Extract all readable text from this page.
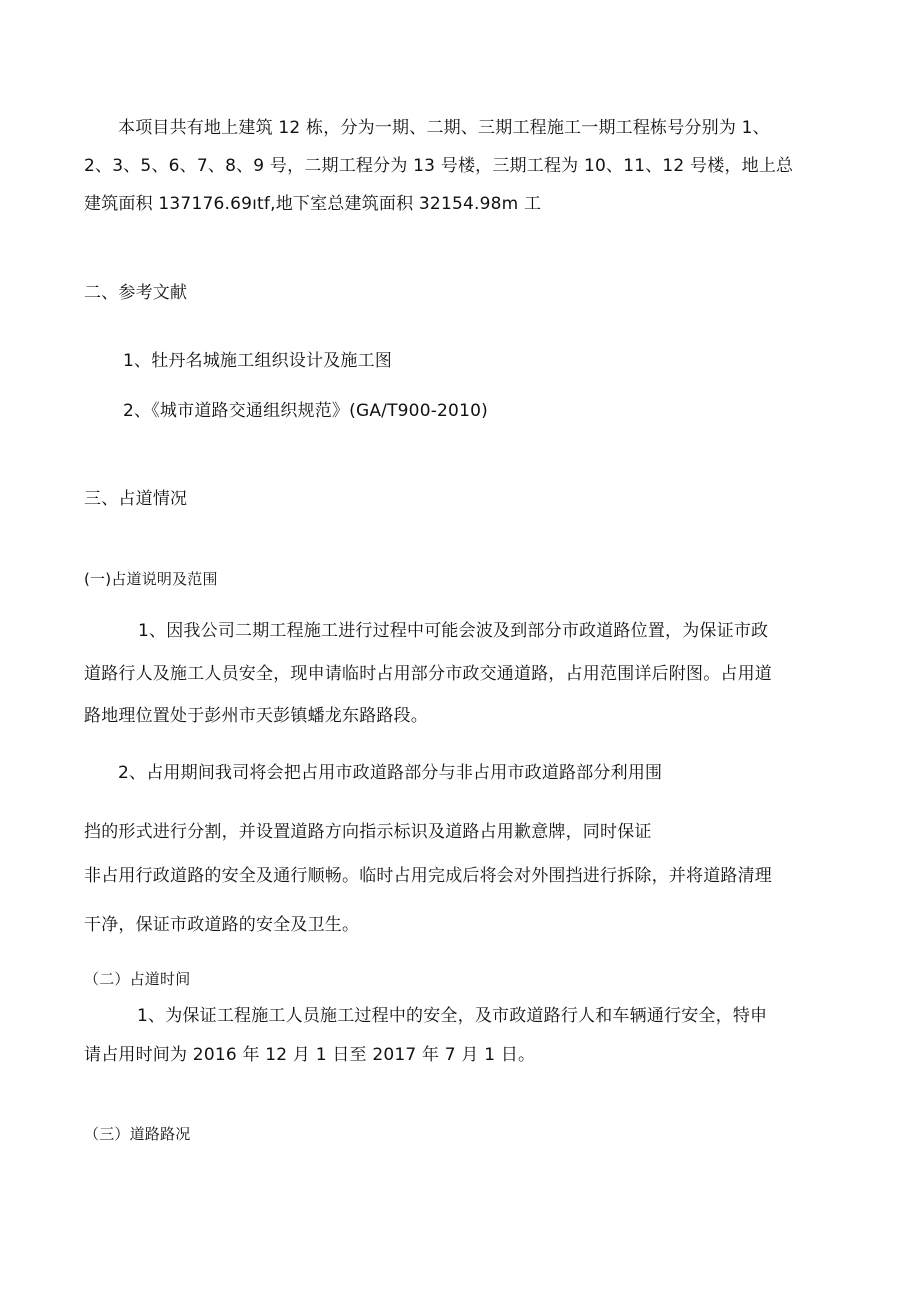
本项目共有地上建筑 12 栋，分为一期、二期、三期工程施工一期工程栋号分别为 1、
2、3、5、6、7、8、9 号，二期工程分为 13 号楼，三期工程为 10、11、12 号楼，地上总
建筑面积 137176.69ıtf,地下室总建筑面积 32154.98m 工
二、参考文献
1、牡丹名城施工组织设计及施工图
2、《城市道路交通组织规范》(GA/T900-2010)
三、占道情况
(一)占道说明及范围
1、因我公司二期工程施工进行过程中可能会波及到部分市政道路位置，为保证市政
道路行人及施工人员安全，现申请临时占用部分市政交通道路，占用范围详后附图。占用道
路地理位置处于彭州市天彭镇蟠龙东路路段。
2、占用期间我司将会把占用市政道路部分与非占用市政道路部分利用围
挡的形式进行分割，并设置道路方向指示标识及道路占用歉意牌，同时保证
非占用行政道路的安全及通行顺畅。临时占用完成后将会对外围挡进行拆除，并将道路清理
干净，保证市政道路的安全及卫生。
（二）占道时间
1、为保证工程施工人员施工过程中的安全，及市政道路行人和车辆通行安全，特申
请占用时间为 2016 年 12 月 1 日至 2017 年 7 月 1 日。
（三）道路路况
